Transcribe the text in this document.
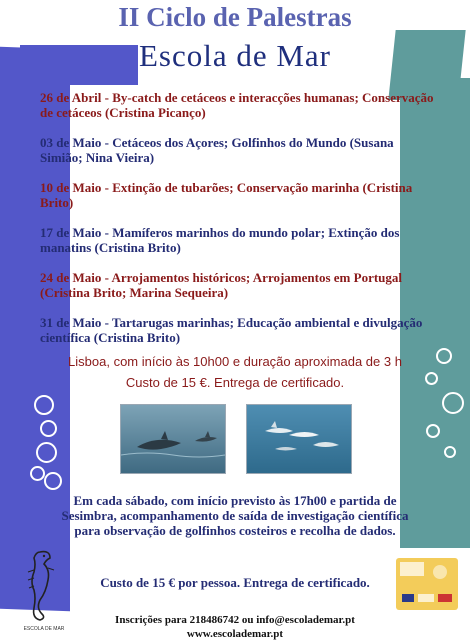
II Ciclo de Palestras
Escola de Mar
26 de Abril - By-catch de cetáceos e interacções humanas; Conservação de cetáceos (Cristina Picanço)
03 de Maio - Cetáceos dos Açores; Golfinhos do Mundo (Susana Simião; Nina Vieira)
10 de Maio - Extinção de tubarões; Conservação marinha (Cristina Brito)
17 de Maio - Mamíferos marinhos do mundo polar; Extinção dos manatins (Cristina Brito)
24 de Maio - Arrojamentos históricos; Arrojamentos em Portugal (Cristina Brito; Marina Sequeira)
31 de Maio - Tartarugas marinhas; Educação ambiental e divulgação científica (Cristina Brito)
Lisboa, com início às 10h00 e duração aproximada de 3 h
Custo de 15 €. Entrega de certificado.
Em cada sábado, com início previsto às 17h00 e partida de Sesimbra, acompanhamento de saída de investigação científica para observação de golfinhos costeiros e recolha de dados.
Custo de 15 € por pessoa. Entrega de certificado.
Inscrições para 218486742 ou info@escolademar.pt
www.escolademar.pt
ESCOLA DE MAR
